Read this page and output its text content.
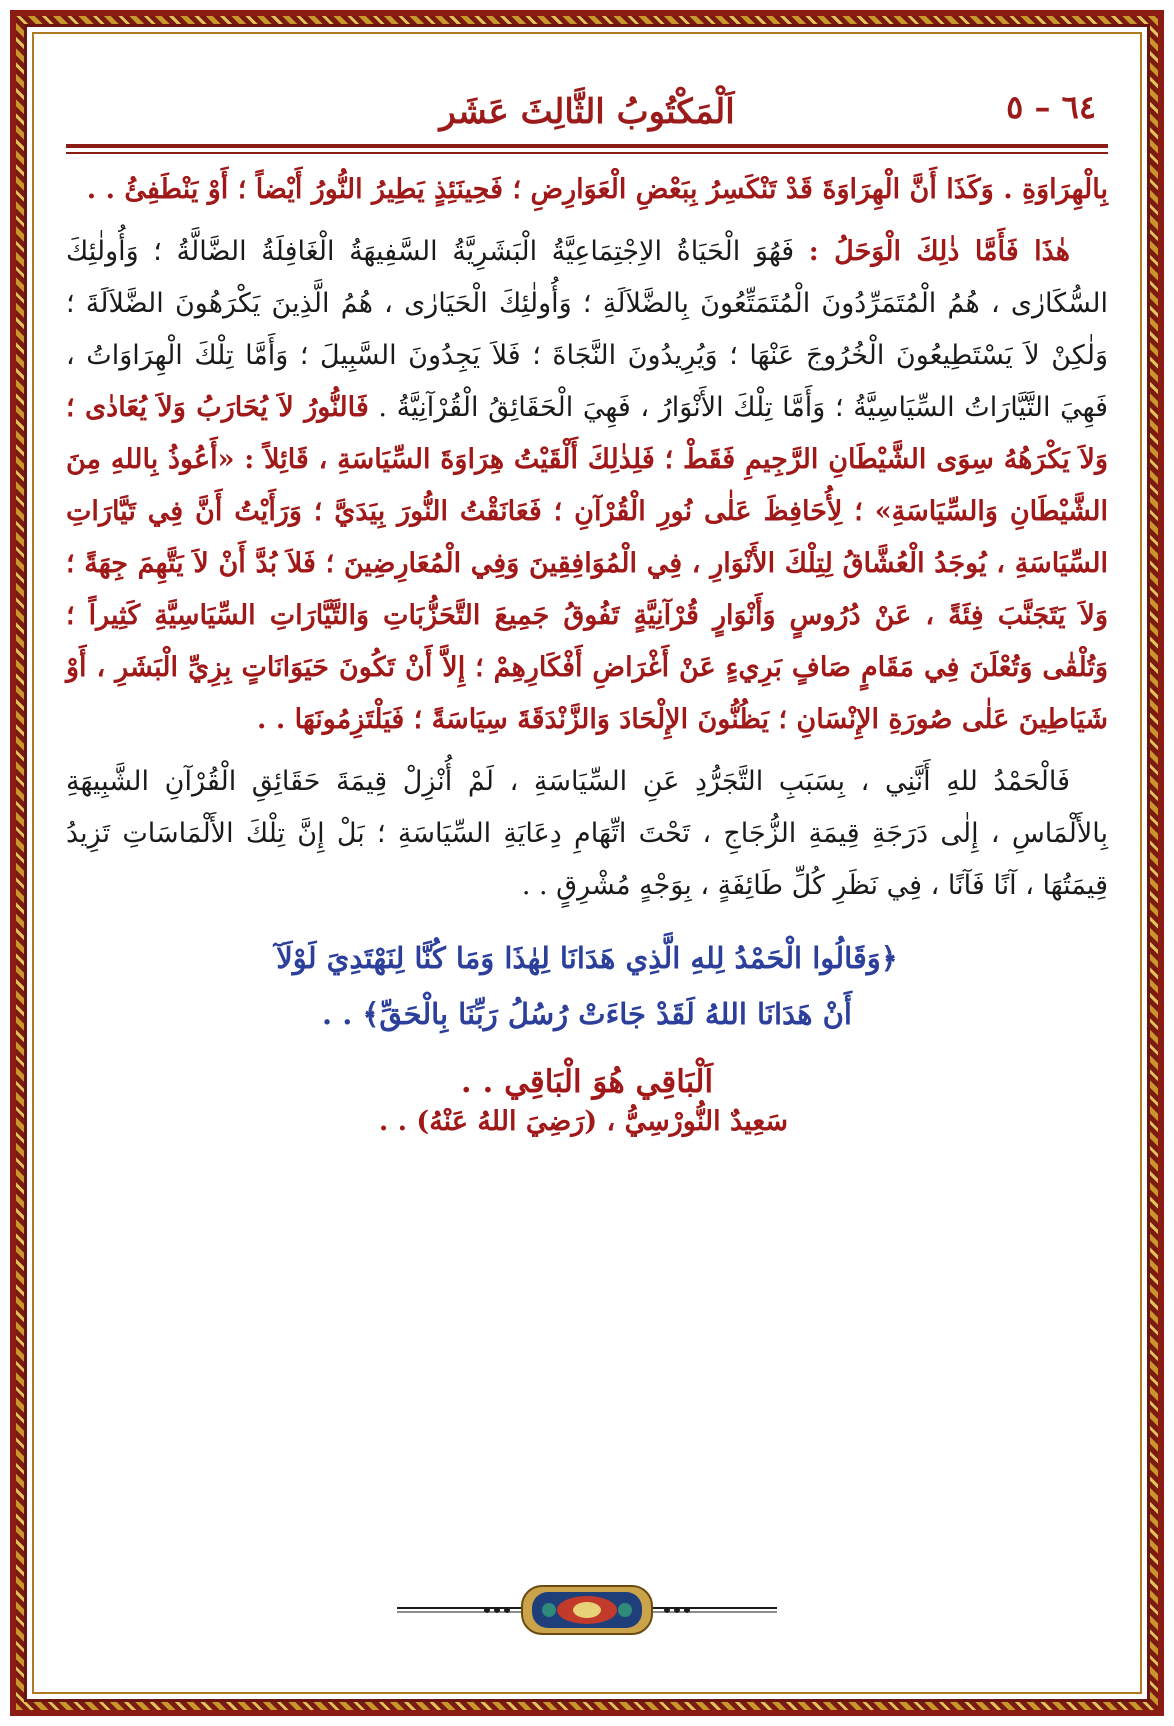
اَلْمَكْتُوبُ الثَّالِثَ عَشَر	٦٤ – ٥

بِالْهِرَاوَةِ . وَكَذَا أَنَّ الْهِرَاوَةَ قَدْ تَنْكَسِرُ بِبَعْضِ الْعَوَارِضِ ؛ فَحِينَئِذٍ يَطِيرُ النُّورُ أَيْضاً ؛ أَوْ يَنْطَفِئُ . .

هٰذَا فَأَمَّا ذٰلِكَ الْوَحَلُ : فَهُوَ الْحَيَاةُ الاِجْتِمَاعِيَّةُ الْبَشَرِيَّةُ السَّفِيهَةُ الْغَافِلَةُ الضَّالَّةُ ؛ وَأُولٰئِكَ السُّكَارٰى ، هُمُ الْمُتَمَرِّدُونَ الْمُتَمَتِّعُونَ بِالضَّلاَلَةِ ؛ وَأُولٰئِكَ الْحَيَارٰى ، هُمُ الَّذِينَ يَكْرَهُونَ الضَّلاَلَةَ ؛ وَلٰكِنْ لاَ يَسْتَطِيعُونَ الْخُرُوجَ عَنْهَا ؛ وَيُرِيدُونَ النَّجَاةَ ؛ فَلاَ يَجِدُونَ السَّبِيلَ ؛ وَأَمَّا تِلْكَ الْهِرَاوَاتُ ، فَهِيَ التَّيَّارَاتُ السِّيَاسِيَّةُ ؛ وَأَمَّا تِلْكَ الأَنْوَارُ ، فَهِيَ الْحَقَائِقُ الْقُرْآنِيَّةُ . فَالنُّورُ لاَ يُحَارَبُ وَلاَ يُعَادٰى ؛ وَلاَ يَكْرَهُهُ سِوَى الشَّيْطَانِ الرَّجِيمِ فَقَطْ ؛ فَلِذٰلِكَ أَلْقَيْتُ هِرَاوَةَ السِّيَاسَةِ ، قَائِلاً : «أَعُوذُ بِاللهِ مِنَ الشَّيْطَانِ وَالسِّيَاسَةِ» ؛ لِأُحَافِظَ عَلٰى نُورِ الْقُرْآنِ ؛ فَعَانَقْتُ النُّورَ بِيَدَيَّ ؛ وَرَأَيْتُ أَنَّ فِي تَيَّارَاتِ السِّيَاسَةِ ، يُوجَدُ الْعُشَّاقُ لِتِلْكَ الأَنْوَارِ ، فِي الْمُوَافِقِينَ وَفِي الْمُعَارِضِينَ ؛ فَلاَ بُدَّ أَنْ لاَ يَتَّهِمَ جِهَةً ؛ وَلاَ يَتَجَنَّبَ فِئَةً ، عَنْ دُرُوسٍ وَأَنْوَارٍ قُرْآنِيَّةٍ تَفُوقُ جَمِيعَ التَّحَزُّبَاتِ وَالتَّيَّارَاتِ السِّيَاسِيَّةِ كَثِيراً ؛ وَتُلْقٰى وَتُعْلَنَ فِي مَقَامٍ صَافٍ بَرِيءٍ عَنْ أَغْرَاضِ أَفْكَارِهِمْ ؛ إِلاَّ أَنْ تَكُونَ حَيَوَانَاتٍ بِزِيِّ الْبَشَرِ ، أَوْ شَيَاطِينَ عَلٰى صُورَةِ الإِنْسَانِ ؛ يَظُنُّونَ الإِلْحَادَ وَالزَّنْدَقَةَ سِيَاسَةً ؛ فَيَلْتَزِمُونَهَا . .

فَالْحَمْدُ للهِ أَنَّنِي ، بِسَبَبِ التَّجَرُّدِ عَنِ السِّيَاسَةِ ، لَمْ أُنْزِلْ قِيمَةَ حَقَائِقِ الْقُرْآنِ الشَّبِيهَةِ بِالأَلْمَاسِ ، إِلٰى دَرَجَةِ قِيمَةِ الزُّجَاجِ ، تَحْتَ اتِّهَامِ دِعَايَةِ السِّيَاسَةِ ؛ بَلْ إِنَّ تِلْكَ الأَلْمَاسَاتِ تَزِيدُ قِيمَتُهَا ، آنًا فَآنًا ، فِي نَظَرِ كُلِّ طَائِفَةٍ ، بِوَجْهٍ مُشْرِقٍ . .

﴿وَقَالُوا الْحَمْدُ لِلهِ الَّذِي هَدَانَا لِهٰذَا وَمَا كُنَّا لِنَهْتَدِيَ لَوْلَآ
أَنْ هَدَانَا اللهُ لَقَدْ جَاءَتْ رُسُلُ رَبِّنَا بِالْحَقِّ﴾ . .
اَلْبَاقِي هُوَ الْبَاقِي . .
سَعِيدٌ النُّورْسِيُّ ، (رَضِيَ اللهُ عَنْهُ) . .
